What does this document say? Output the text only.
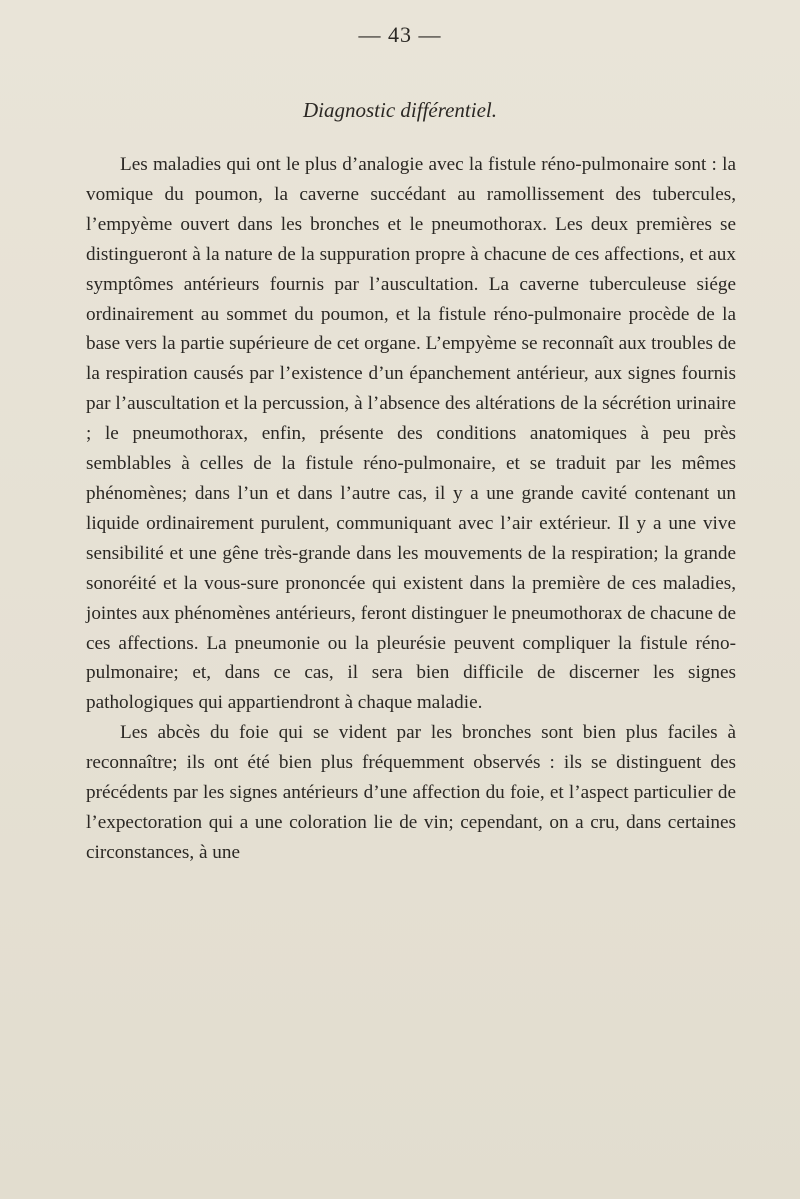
— 43 —
Diagnostic différentiel.

Les maladies qui ont le plus d’analogie avec la fistule réno-pulmonaire sont : la vomique du poumon, la caverne succédant au ramollissement des tubercules, l’empyème ouvert dans les bronches et le pneumothorax. Les deux premières se distingueront à la nature de la suppuration propre à chacune de ces affections, et aux symptômes antérieurs fournis par l’auscultation. La caverne tuberculeuse siége ordinairement au sommet du poumon, et la fistule réno-pulmonaire procède de la base vers la partie supérieure de cet organe. L’empyème se reconnaît aux troubles de la respiration causés par l’existence d’un épanchement antérieur, aux signes fournis par l’auscultation et la percussion, à l’absence des altérations de la sécrétion urinaire ; le pneumothorax, enfin, présente des conditions anatomiques à peu près semblables à celles de la fistule réno-pulmonaire, et se traduit par les mêmes phénomènes; dans l’un et dans l’autre cas, il y a une grande cavité contenant un liquide ordinairement purulent, communiquant avec l’air extérieur. Il y a une vive sensibilité et une gêne très-grande dans les mouvements de la respiration; la grande sonoréité et la vous-sure prononcée qui existent dans la première de ces maladies, jointes aux phénomènes antérieurs, feront distinguer le pneumothorax de chacune de ces affections. La pneumonie ou la pleurésie peuvent compliquer la fistule réno-pulmonaire; et, dans ce cas, il sera bien difficile de discerner les signes pathologiques qui appartiendront à chaque maladie.

Les abcès du foie qui se vident par les bronches sont bien plus faciles à reconnaître; ils ont été bien plus fréquemment observés : ils se distinguent des précédents par les signes antérieurs d’une affection du foie, et l’aspect particulier de l’expectoration qui a une coloration lie de vin; cependant, on a cru, dans certaines circonstances, à une
